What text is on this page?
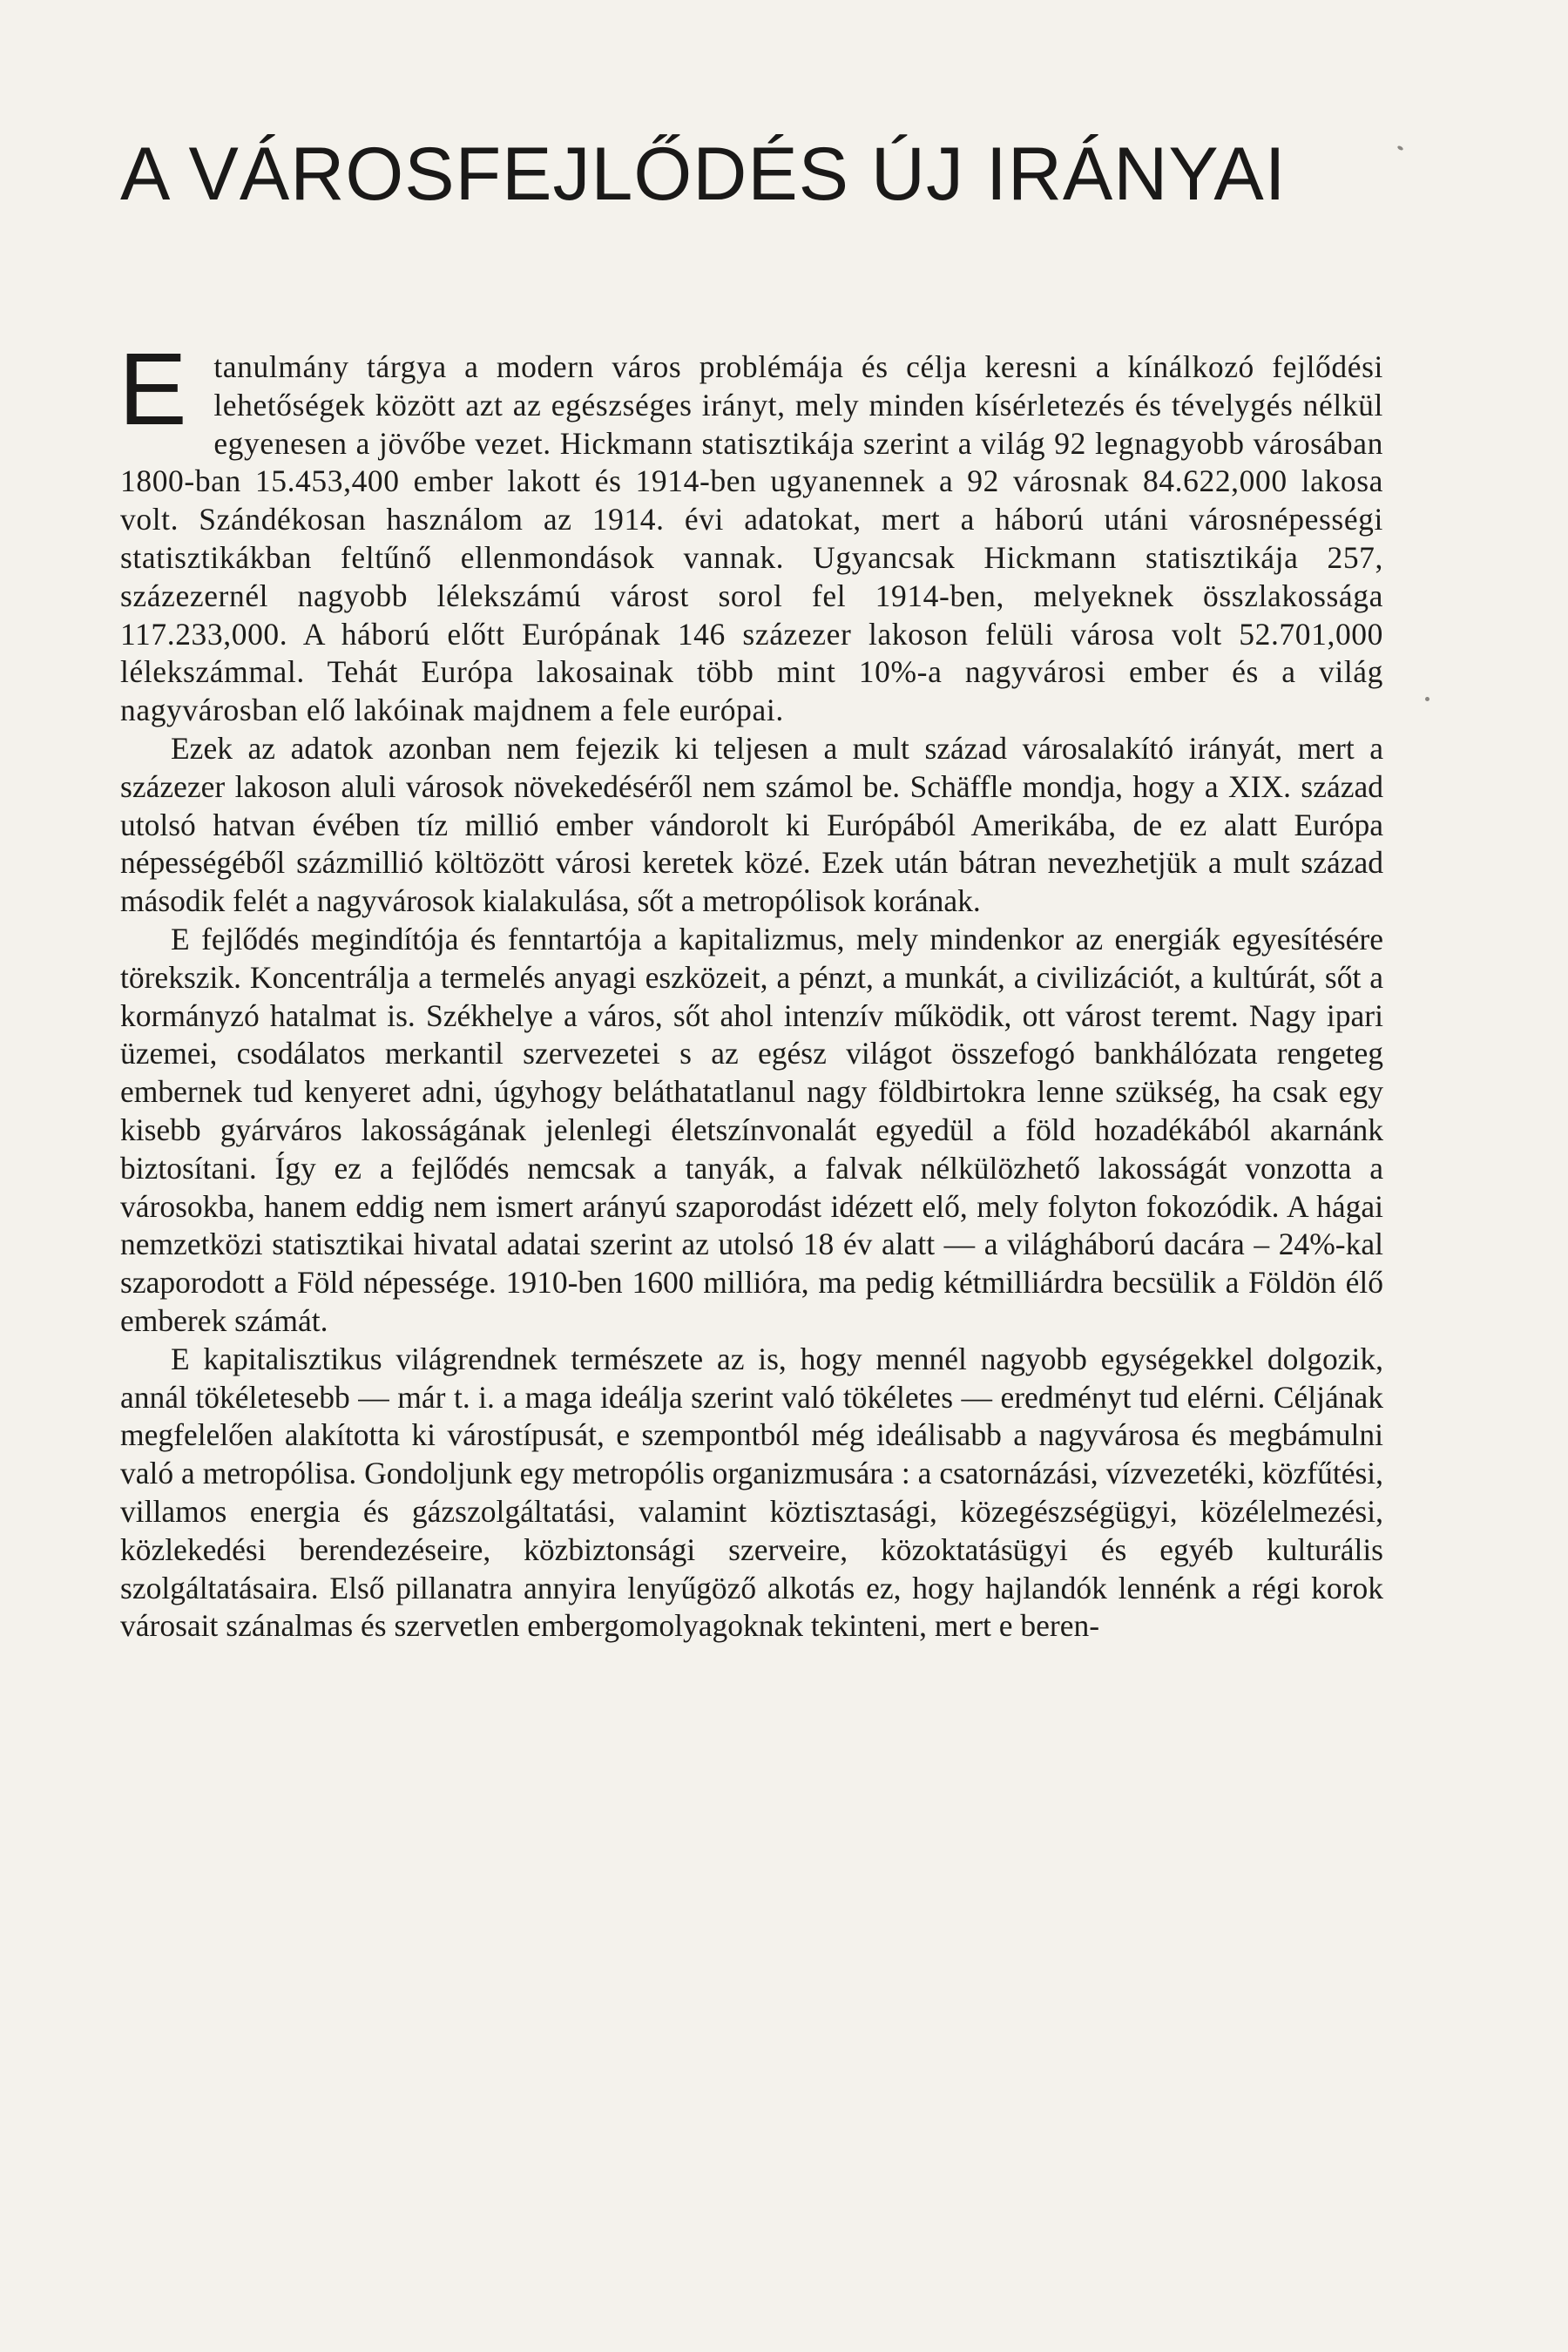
A VÁROSFEJLŐDÉS ÚJ IRÁNYAI

Etanulmány tárgya a modern város problémája és célja keresni a kínálkozó fejlődési lehetőségek között azt az egészséges irányt, mely minden kísérletezés és tévelygés nélkül egyenesen a jövőbe vezet. Hickmann statisztikája szerint a világ 92 legnagyobb városában 1800-ban 15.453,400 ember lakott és 1914-ben ugyanennek a 92 városnak 84.622,000 lakosa volt. Szándékosan használom az 1914. évi adatokat, mert a háború utáni városnépességi statisztikákban feltűnő ellenmondások vannak. Ugyancsak Hickmann statisztikája 257, százezernél nagyobb lélekszámú várost sorol fel 1914-ben, melyeknek összlakossága 117.233,000. A háború előtt Európának 146 százezer lakoson felüli városa volt 52.701,000 lélekszámmal. Tehát Európa lakosainak több mint 10%-a nagyvárosi ember és a világ nagyvárosban elő lakóinak majdnem a fele európai.

Ezek az adatok azonban nem fejezik ki teljesen a mult század városalakító irányát, mert a százezer lakoson aluli városok növekedéséről nem számol be. Schäffle mondja, hogy a XIX. század utolsó hatvan évében tíz millió ember vándorolt ki Európából Amerikába, de ez alatt Európa népességéből százmillió költözött városi keretek közé. Ezek után bátran nevezhetjük a mult század második felét a nagyvárosok kialakulása, sőt a metropólisok korának.

E fejlődés megindítója és fenntartója a kapitalizmus, mely mindenkor az energiák egyesítésére törekszik. Koncentrálja a termelés anyagi eszközeit, a pénzt, a munkát, a civilizációt, a kultúrát, sőt a kormányzó hatalmat is. Székhelye a város, sőt ahol intenzív működik, ott várost teremt. Nagy ipari üzemei, csodálatos merkantil szervezetei s az egész világot összefogó bankhálózata rengeteg embernek tud kenyeret adni, úgyhogy beláthatatlanul nagy földbirtokra lenne szükség, ha csak egy kisebb gyárváros lakosságának jelenlegi életszínvonalát egyedül a föld hozadékából akarnánk biztosítani. Így ez a fejlődés nemcsak a tanyák, a falvak nélkülözhető lakosságát vonzotta a városokba, hanem eddig nem ismert arányú szaporodást idézett elő, mely folyton fokozódik. A hágai nemzetközi statisztikai hivatal adatai szerint az utolsó 18 év alatt — a világháború dacára – 24%-kal szaporodott a Föld népessége. 1910-ben 1600 millióra, ma pedig kétmilliárdra becsülik a Földön élő emberek számát.

E kapitalisztikus világrendnek természete az is, hogy mennél nagyobb egységekkel dolgozik, annál tökéletesebb — már t. i. a maga ideálja szerint való tökéletes — eredményt tud elérni. Céljának megfelelően alakította ki várostípusát, e szempontból még ideálisabb a nagyvárosa és megbámulni való a metropólisa. Gondoljunk egy metropólis organizmusára : a csatornázási, vízvezetéki, közfűtési, villamos energia és gázszolgáltatási, valamint köztisztasági, közegészségügyi, közélelmezési, közlekedési berendezéseire, közbiztonsági szerveire, közoktatásügyi és egyéb kulturális szolgáltatásaira. Első pillanatra annyira lenyűgöző alkotás ez, hogy hajlandók lennénk a régi korok városait szánalmas és szervetlen embergomolyagoknak tekinteni, mert e beren-
